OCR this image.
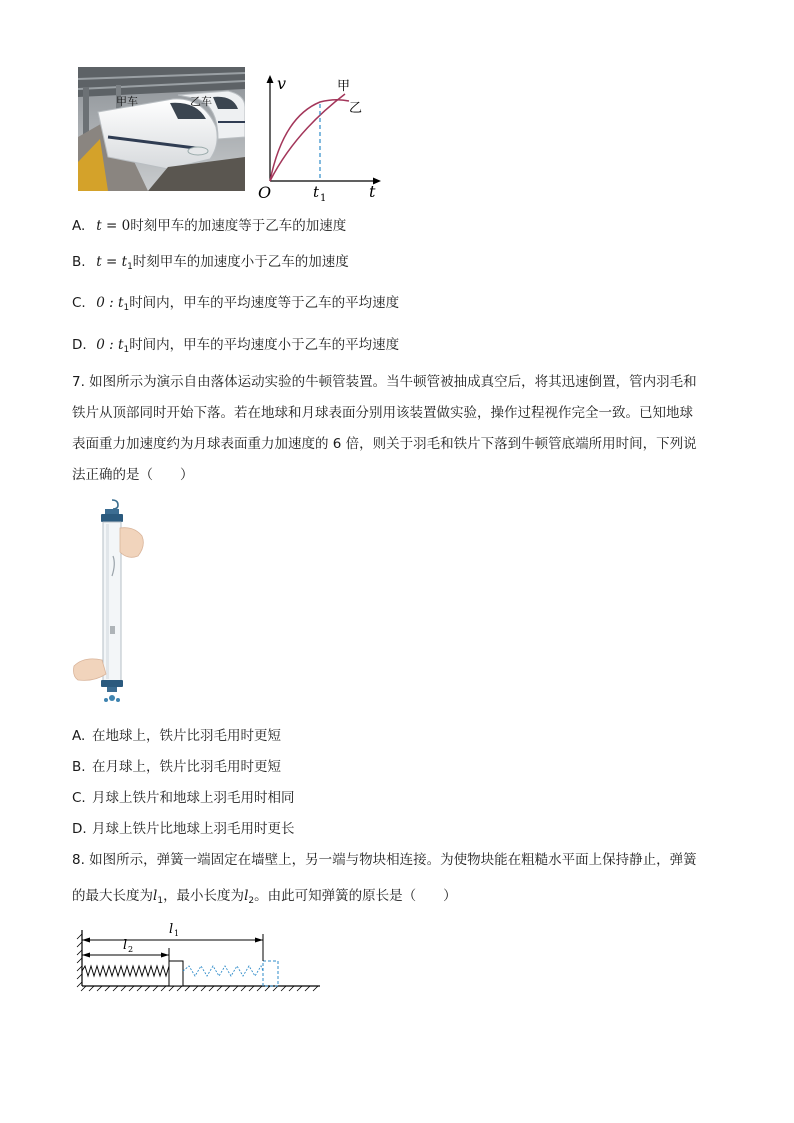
甲车	乙车
v
t
O	t 1
甲
乙
A. t = 0时刻甲车的加速度等于乙车的加速度
B. $t = t_1$时刻甲车的加速度小于乙车的加速度
C. 0 : $t_1$时间内，甲车的平均速度等于乙车的平均速度
D. 0 : $t_1$时间内，甲车的平均速度小于乙车的平均速度
7. 如图所示为演示自由落体运动实验的牛顿管装置。当牛顿管被抽成真空后，将其迅速倒置，管内羽毛和
铁片从顶部同时开始下落。若在地球和月球表面分别用该装置做实验，操作过程视作完全一致。已知地球
表面重力加速度约为月球表面重力加速度的 6 倍，则关于羽毛和铁片下落到牛顿管底端所用时间，下列说
法正确的是（　　）
A. 在地球上，铁片比羽毛用时更短
B. 在月球上，铁片比羽毛用时更短
C. 月球上铁片和地球上羽毛用时相同
D. 月球上铁片比地球上羽毛用时更长
8. 如图所示，弹簧一端固定在墙壁上，另一端与物块相连接。为使物块能在粗糙水平面上保持静止，弹簧
的最大长度为$l_1$，最小长度为$l_2$。由此可知弹簧的原长是（　　）
l 1
l 2
